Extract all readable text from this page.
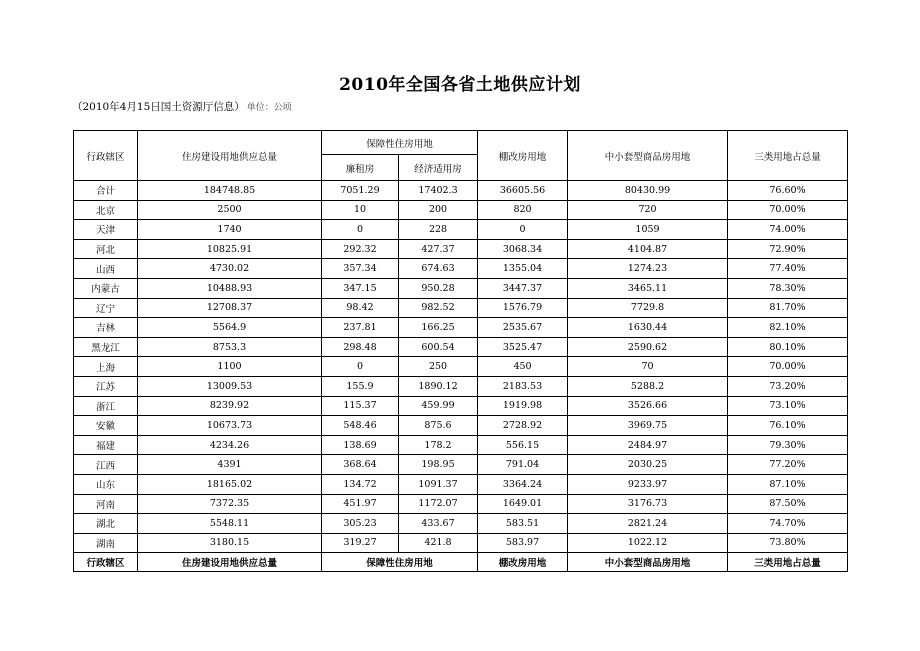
2010年全国各省土地供应计划
（2010年4月15日国土资源厅信息） 单位：公顷
行政辖区	住房建设用地供应总量	保障性住房用地		棚改房用地	中小套型商品房用地	三类用地占总量
		廉租房	经济适用房			
合计	184748.85	7051.29	17402.3	36605.56	80430.99	76.60%
北京	2500	10	200	820	720	70.00%
天津	1740	0	228	0	1059	74.00%
河北	10825.91	292.32	427.37	3068.34	4104.87	72.90%
山西	4730.02	357.34	674.63	1355.04	1274.23	77.40%
内蒙古	10488.93	347.15	950.28	3447.37	3465.11	78.30%
辽宁	12708.37	98.42	982.52	1576.79	7729.8	81.70%
吉林	5564.9	237.81	166.25	2535.67	1630.44	82.10%
黑龙江	8753.3	298.48	600.54	3525.47	2590.62	80.10%
上海	1100	0	250	450	70	70.00%
江苏	13009.53	155.9	1890.12	2183.53	5288.2	73.20%
浙江	8239.92	115.37	459.99	1919.98	3526.66	73.10%
安徽	10673.73	548.46	875.6	2728.92	3969.75	76.10%
福建	4234.26	138.69	178.2	556.15	2484.97	79.30%
江西	4391	368.64	198.95	791.04	2030.25	77.20%
山东	18165.02	134.72	1091.37	3364.24	9233.97	87.10%
河南	7372.35	451.97	1172.07	1649.01	3176.73	87.50%
湖北	5548.11	305.23	433.67	583.51	2821.24	74.70%
湖南	3180.15	319.27	421.8	583.97	1022.12	73.80%
行政辖区	住房建设用地供应总量	保障性住房用地		棚改房用地	中小套型商品房用地	三类用地占总量
